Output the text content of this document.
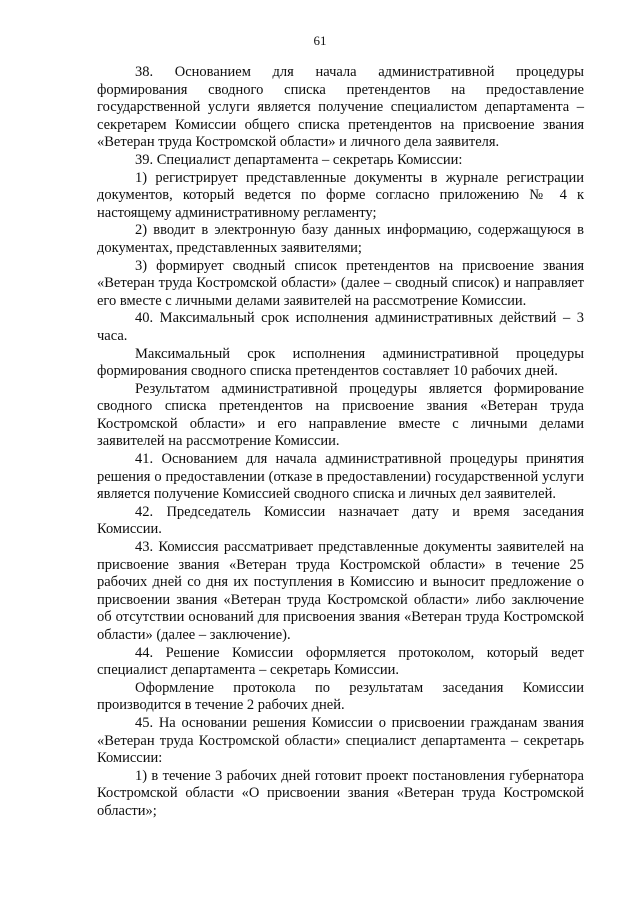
61

38. Основанием для начала административной процедуры формирования сводного списка претендентов на предоставление государственной услуги является получение специалистом департамента – секретарем Комиссии общего списка претендентов на присвоение звания «Ветеран труда Костромской области» и личного дела заявителя.

39. Специалист департамента – секретарь Комиссии:

1) регистрирует представленные документы в журнале регистрации документов, который ведется по форме согласно приложению № 4 к настоящему административному регламенту;

2) вводит в электронную базу данных информацию, содержащуюся в документах, представленных заявителями;

3) формирует сводный список претендентов на присвоение звания «Ветеран труда Костромской области» (далее – сводный список) и направляет его вместе с личными делами заявителей на рассмотрение Комиссии.

40. Максимальный срок исполнения административных действий – 3 часа.

Максимальный срок исполнения административной процедуры формирования сводного списка претендентов составляет 10 рабочих дней.

Результатом административной процедуры является формирование сводного списка претендентов на присвоение звания «Ветеран труда Костромской области» и его направление вместе с личными делами заявителей на рассмотрение Комиссии.

41. Основанием для начала административной процедуры принятия решения о предоставлении (отказе в предоставлении) государственной услуги является получение Комиссией сводного списка и личных дел заявителей.

42. Председатель Комиссии назначает дату и время заседания Комиссии.

43. Комиссия рассматривает представленные документы заявителей на присвоение звания «Ветеран труда Костромской области» в течение 25 рабочих дней со дня их поступления в Комиссию и выносит предложение о присвоении звания «Ветеран труда Костромской области» либо заключение об отсутствии оснований для присвоения звания «Ветеран труда Костромской области» (далее – заключение).

44. Решение Комиссии оформляется протоколом, который ведет специалист департамента – секретарь Комиссии.

Оформление протокола по результатам заседания Комиссии производится в течение 2 рабочих дней.

45. На основании решения Комиссии о присвоении гражданам звания «Ветеран труда Костромской области» специалист департамента – секретарь Комиссии:

1) в течение 3 рабочих дней готовит проект постановления губернатора Костромской области «О присвоении звания «Ветеран труда Костромской области»;
